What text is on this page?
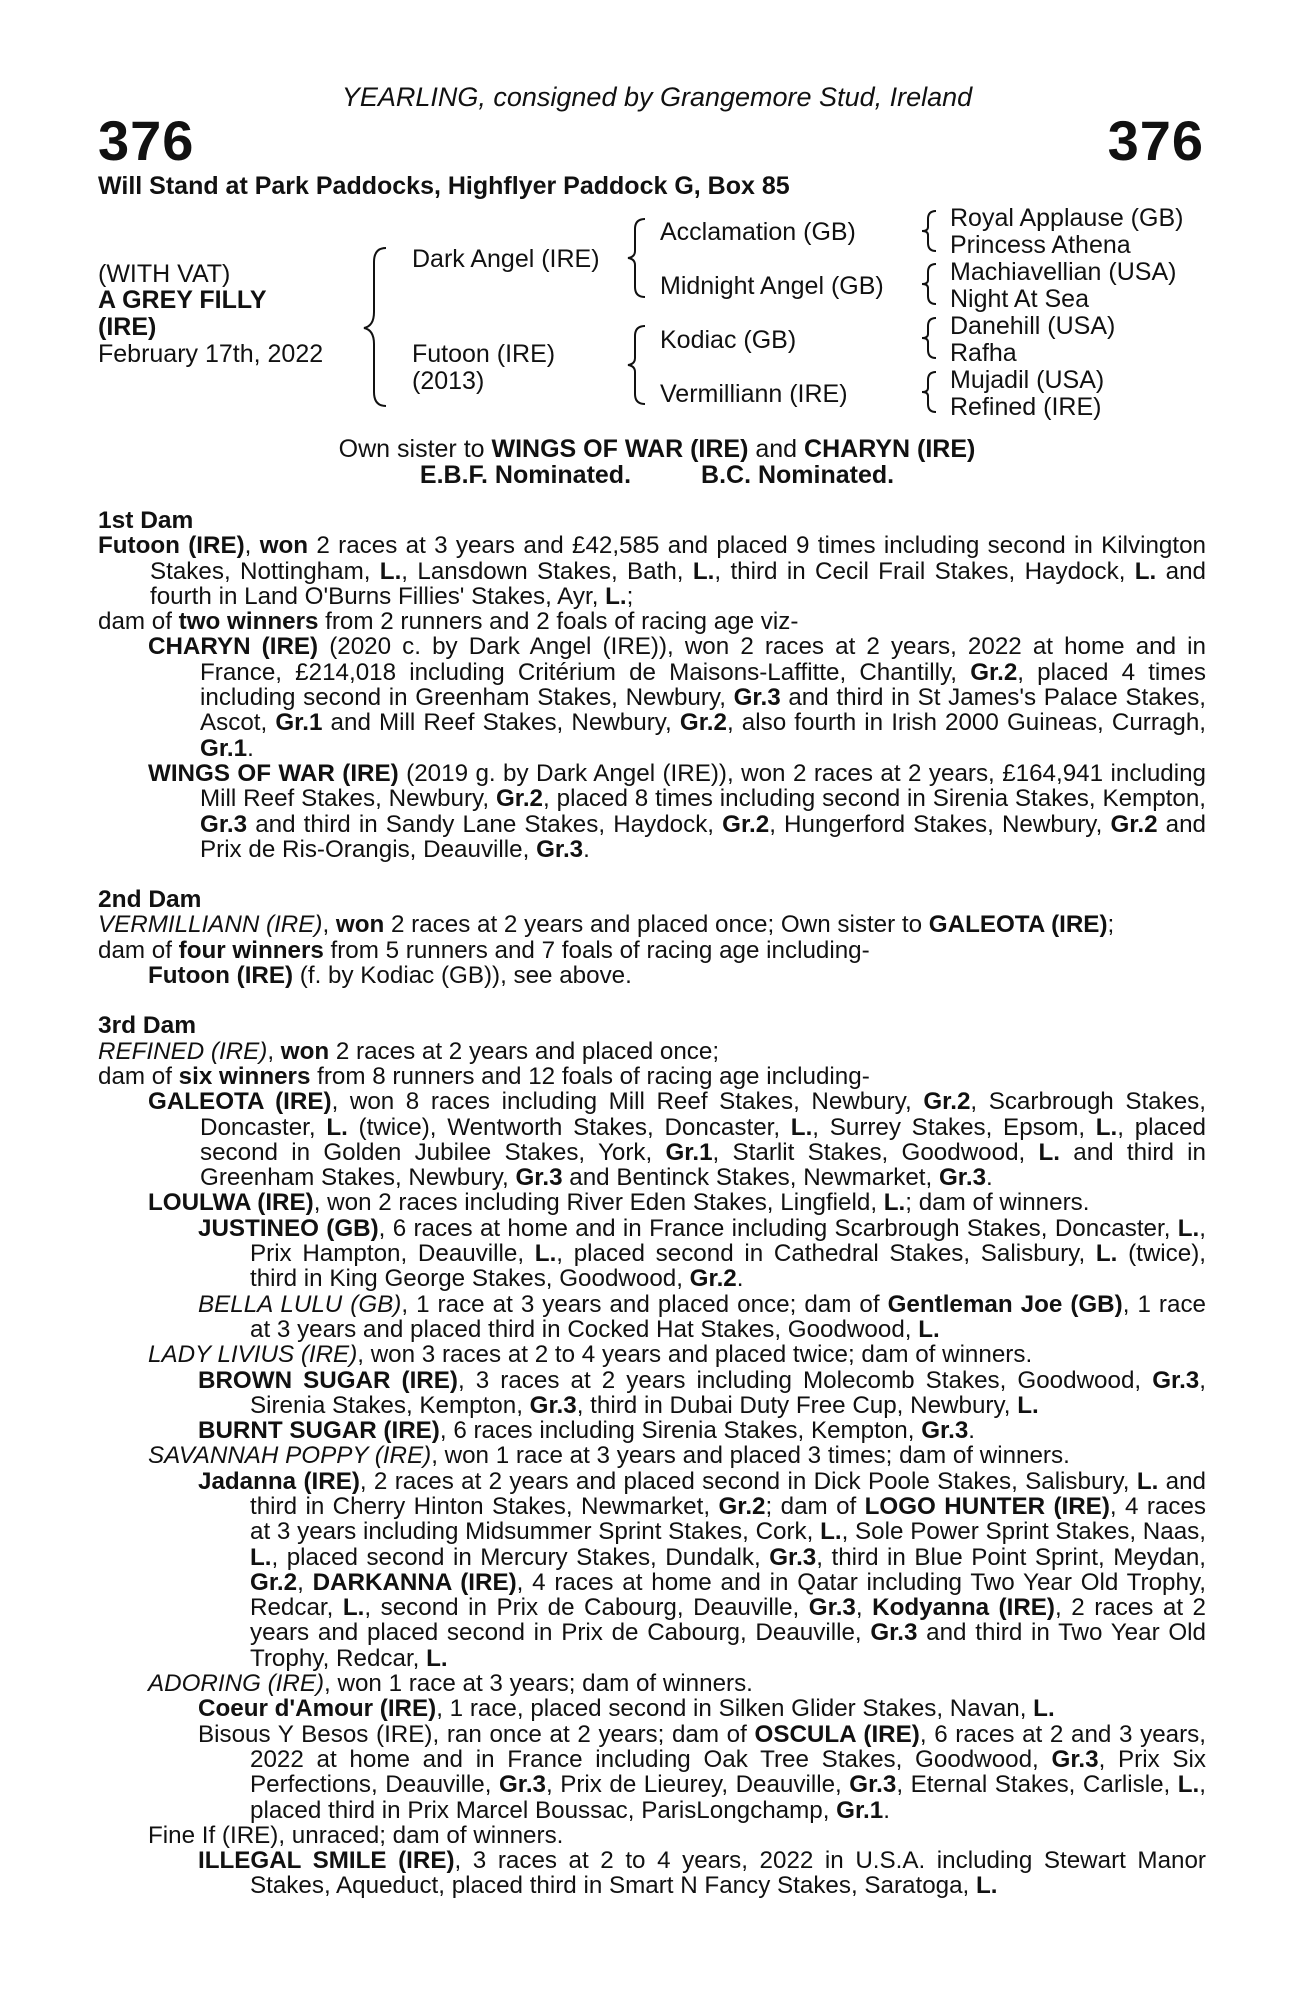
YEARLING, consigned by Grangemore Stud, Ireland
376	376
Will Stand at Park Paddocks, Highflyer Paddock G, Box 85
(WITH VAT)
A GREY FILLY
(IRE)
February 17th, 2022
Dark Angel (IRE)
Futoon (IRE)
(2013)
Acclamation (GB)
Midnight Angel (GB)
Kodiac (GB)
Vermilliann (IRE)
Royal Applause (GB)
Princess Athena
Machiavellian (USA)
Night At Sea
Danehill (USA)
Rafha
Mujadil (USA)
Refined (IRE)
Own sister to WINGS OF WAR (IRE) and CHARYN (IRE)
E.B.F. Nominated.	B.C. Nominated.

1st Dam

Futoon (IRE), won 2 races at 3 years and £42,585 and placed 9 times including second in Kilvington Stakes, Nottingham, L., Lansdown Stakes, Bath, L., third in Cecil Frail Stakes, Haydock, L. and fourth in Land O'Burns Fillies' Stakes, Ayr, L.;

dam of two winners from 2 runners and 2 foals of racing age viz-

CHARYN (IRE) (2020 c. by Dark Angel (IRE)), won 2 races at 2 years, 2022 at home and in France, £214,018 including Critérium de Maisons-Laffitte, Chantilly, Gr.2, placed 4 times including second in Greenham Stakes, Newbury, Gr.3 and third in St James's Palace Stakes, Ascot, Gr.1 and Mill Reef Stakes, Newbury, Gr.2, also fourth in Irish 2000 Guineas, Curragh, Gr.1.

WINGS OF WAR (IRE) (2019 g. by Dark Angel (IRE)), won 2 races at 2 years, £164,941 including Mill Reef Stakes, Newbury, Gr.2, placed 8 times including second in Sirenia Stakes, Kempton, Gr.3 and third in Sandy Lane Stakes, Haydock, Gr.2, Hungerford Stakes, Newbury, Gr.2 and Prix de Ris-Orangis, Deauville, Gr.3.

2nd Dam

VERMILLIANN (IRE), won 2 races at 2 years and placed once; Own sister to GALEOTA (IRE);

dam of four winners from 5 runners and 7 foals of racing age including-

Futoon (IRE) (f. by Kodiac (GB)), see above.

3rd Dam

REFINED (IRE), won 2 races at 2 years and placed once;

dam of six winners from 8 runners and 12 foals of racing age including-

GALEOTA (IRE), won 8 races including Mill Reef Stakes, Newbury, Gr.2, Scarbrough Stakes, Doncaster, L. (twice), Wentworth Stakes, Doncaster, L., Surrey Stakes, Epsom, L., placed second in Golden Jubilee Stakes, York, Gr.1, Starlit Stakes, Goodwood, L. and third in Greenham Stakes, Newbury, Gr.3 and Bentinck Stakes, Newmarket, Gr.3.

LOULWA (IRE), won 2 races including River Eden Stakes, Lingfield, L.; dam of winners.

JUSTINEO (GB), 6 races at home and in France including Scarbrough Stakes, Doncaster, L., Prix Hampton, Deauville, L., placed second in Cathedral Stakes, Salisbury, L. (twice), third in King George Stakes, Goodwood, Gr.2.

BELLA LULU (GB), 1 race at 3 years and placed once; dam of Gentleman Joe (GB), 1 race at 3 years and placed third in Cocked Hat Stakes, Goodwood, L.

LADY LIVIUS (IRE), won 3 races at 2 to 4 years and placed twice; dam of winners.

BROWN SUGAR (IRE), 3 races at 2 years including Molecomb Stakes, Goodwood, Gr.3, Sirenia Stakes, Kempton, Gr.3, third in Dubai Duty Free Cup, Newbury, L.

BURNT SUGAR (IRE), 6 races including Sirenia Stakes, Kempton, Gr.3.

SAVANNAH POPPY (IRE), won 1 race at 3 years and placed 3 times; dam of winners.

Jadanna (IRE), 2 races at 2 years and placed second in Dick Poole Stakes, Salisbury, L. and third in Cherry Hinton Stakes, Newmarket, Gr.2; dam of LOGO HUNTER (IRE), 4 races at 3 years including Midsummer Sprint Stakes, Cork, L., Sole Power Sprint Stakes, Naas, L., placed second in Mercury Stakes, Dundalk, Gr.3, third in Blue Point Sprint, Meydan, Gr.2, DARKANNA (IRE), 4 races at home and in Qatar including Two Year Old Trophy, Redcar, L., second in Prix de Cabourg, Deauville, Gr.3, Kodyanna (IRE), 2 races at 2 years and placed second in Prix de Cabourg, Deauville, Gr.3 and third in Two Year Old Trophy, Redcar, L.

ADORING (IRE), won 1 race at 3 years; dam of winners.

Coeur d'Amour (IRE), 1 race, placed second in Silken Glider Stakes, Navan, L.

Bisous Y Besos (IRE), ran once at 2 years; dam of OSCULA (IRE), 6 races at 2 and 3 years, 2022 at home and in France including Oak Tree Stakes, Goodwood, Gr.3, Prix Six Perfections, Deauville, Gr.3, Prix de Lieurey, Deauville, Gr.3, Eternal Stakes, Carlisle, L., placed third in Prix Marcel Boussac, ParisLongchamp, Gr.1.

Fine If (IRE), unraced; dam of winners.

ILLEGAL SMILE (IRE), 3 races at 2 to 4 years, 2022 in U.S.A. including Stewart Manor Stakes, Aqueduct, placed third in Smart N Fancy Stakes, Saratoga, L.
